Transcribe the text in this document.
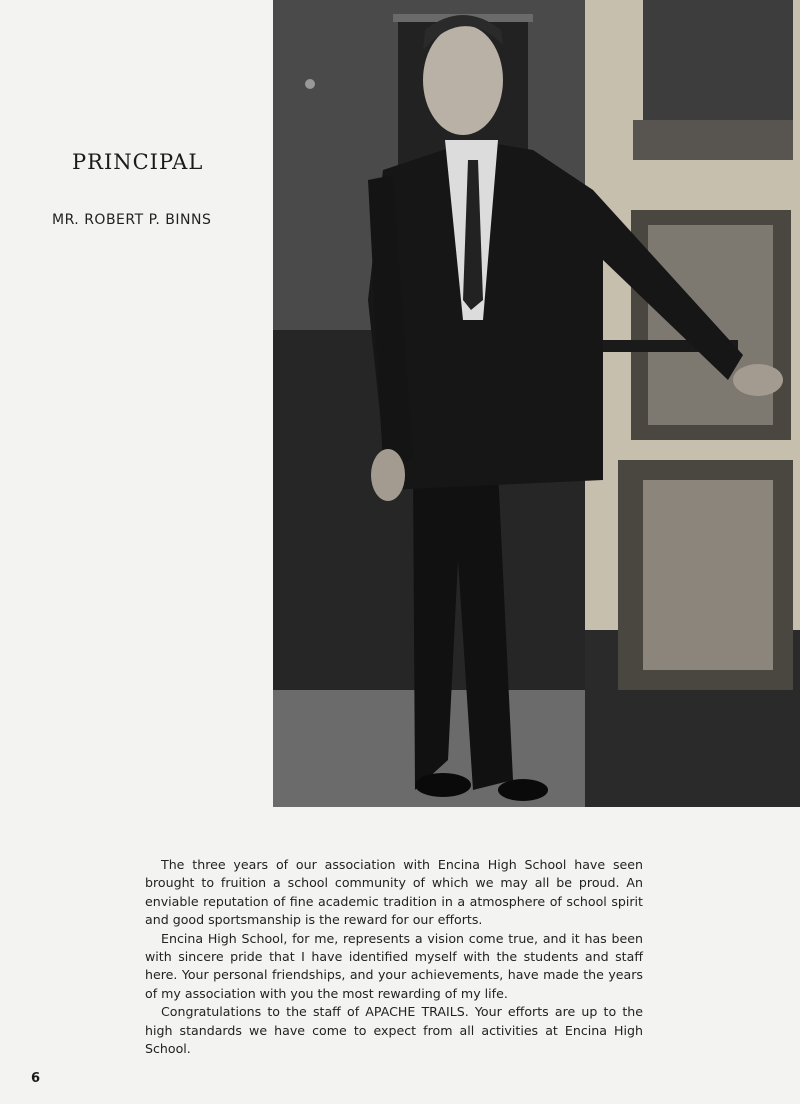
PRINCIPAL
MR. ROBERT P. BINNS

The three years of our association with Encina High School have seen brought to fruition a school community of which we may all be proud. An enviable reputation of fine academic tradition in a atmosphere of school spirit and good sportsmanship is the reward for our efforts.

Encina High School, for me, represents a vision come true, and it has been with sincere pride that I have identified myself with the students and staff here. Your personal friendships, and your achievements, have made the years of my association with you the most rewarding of my life.

Congratulations to the staff of APACHE TRAILS. Your efforts are up to the high standards we have come to expect from all activities at Encina High School.

6
